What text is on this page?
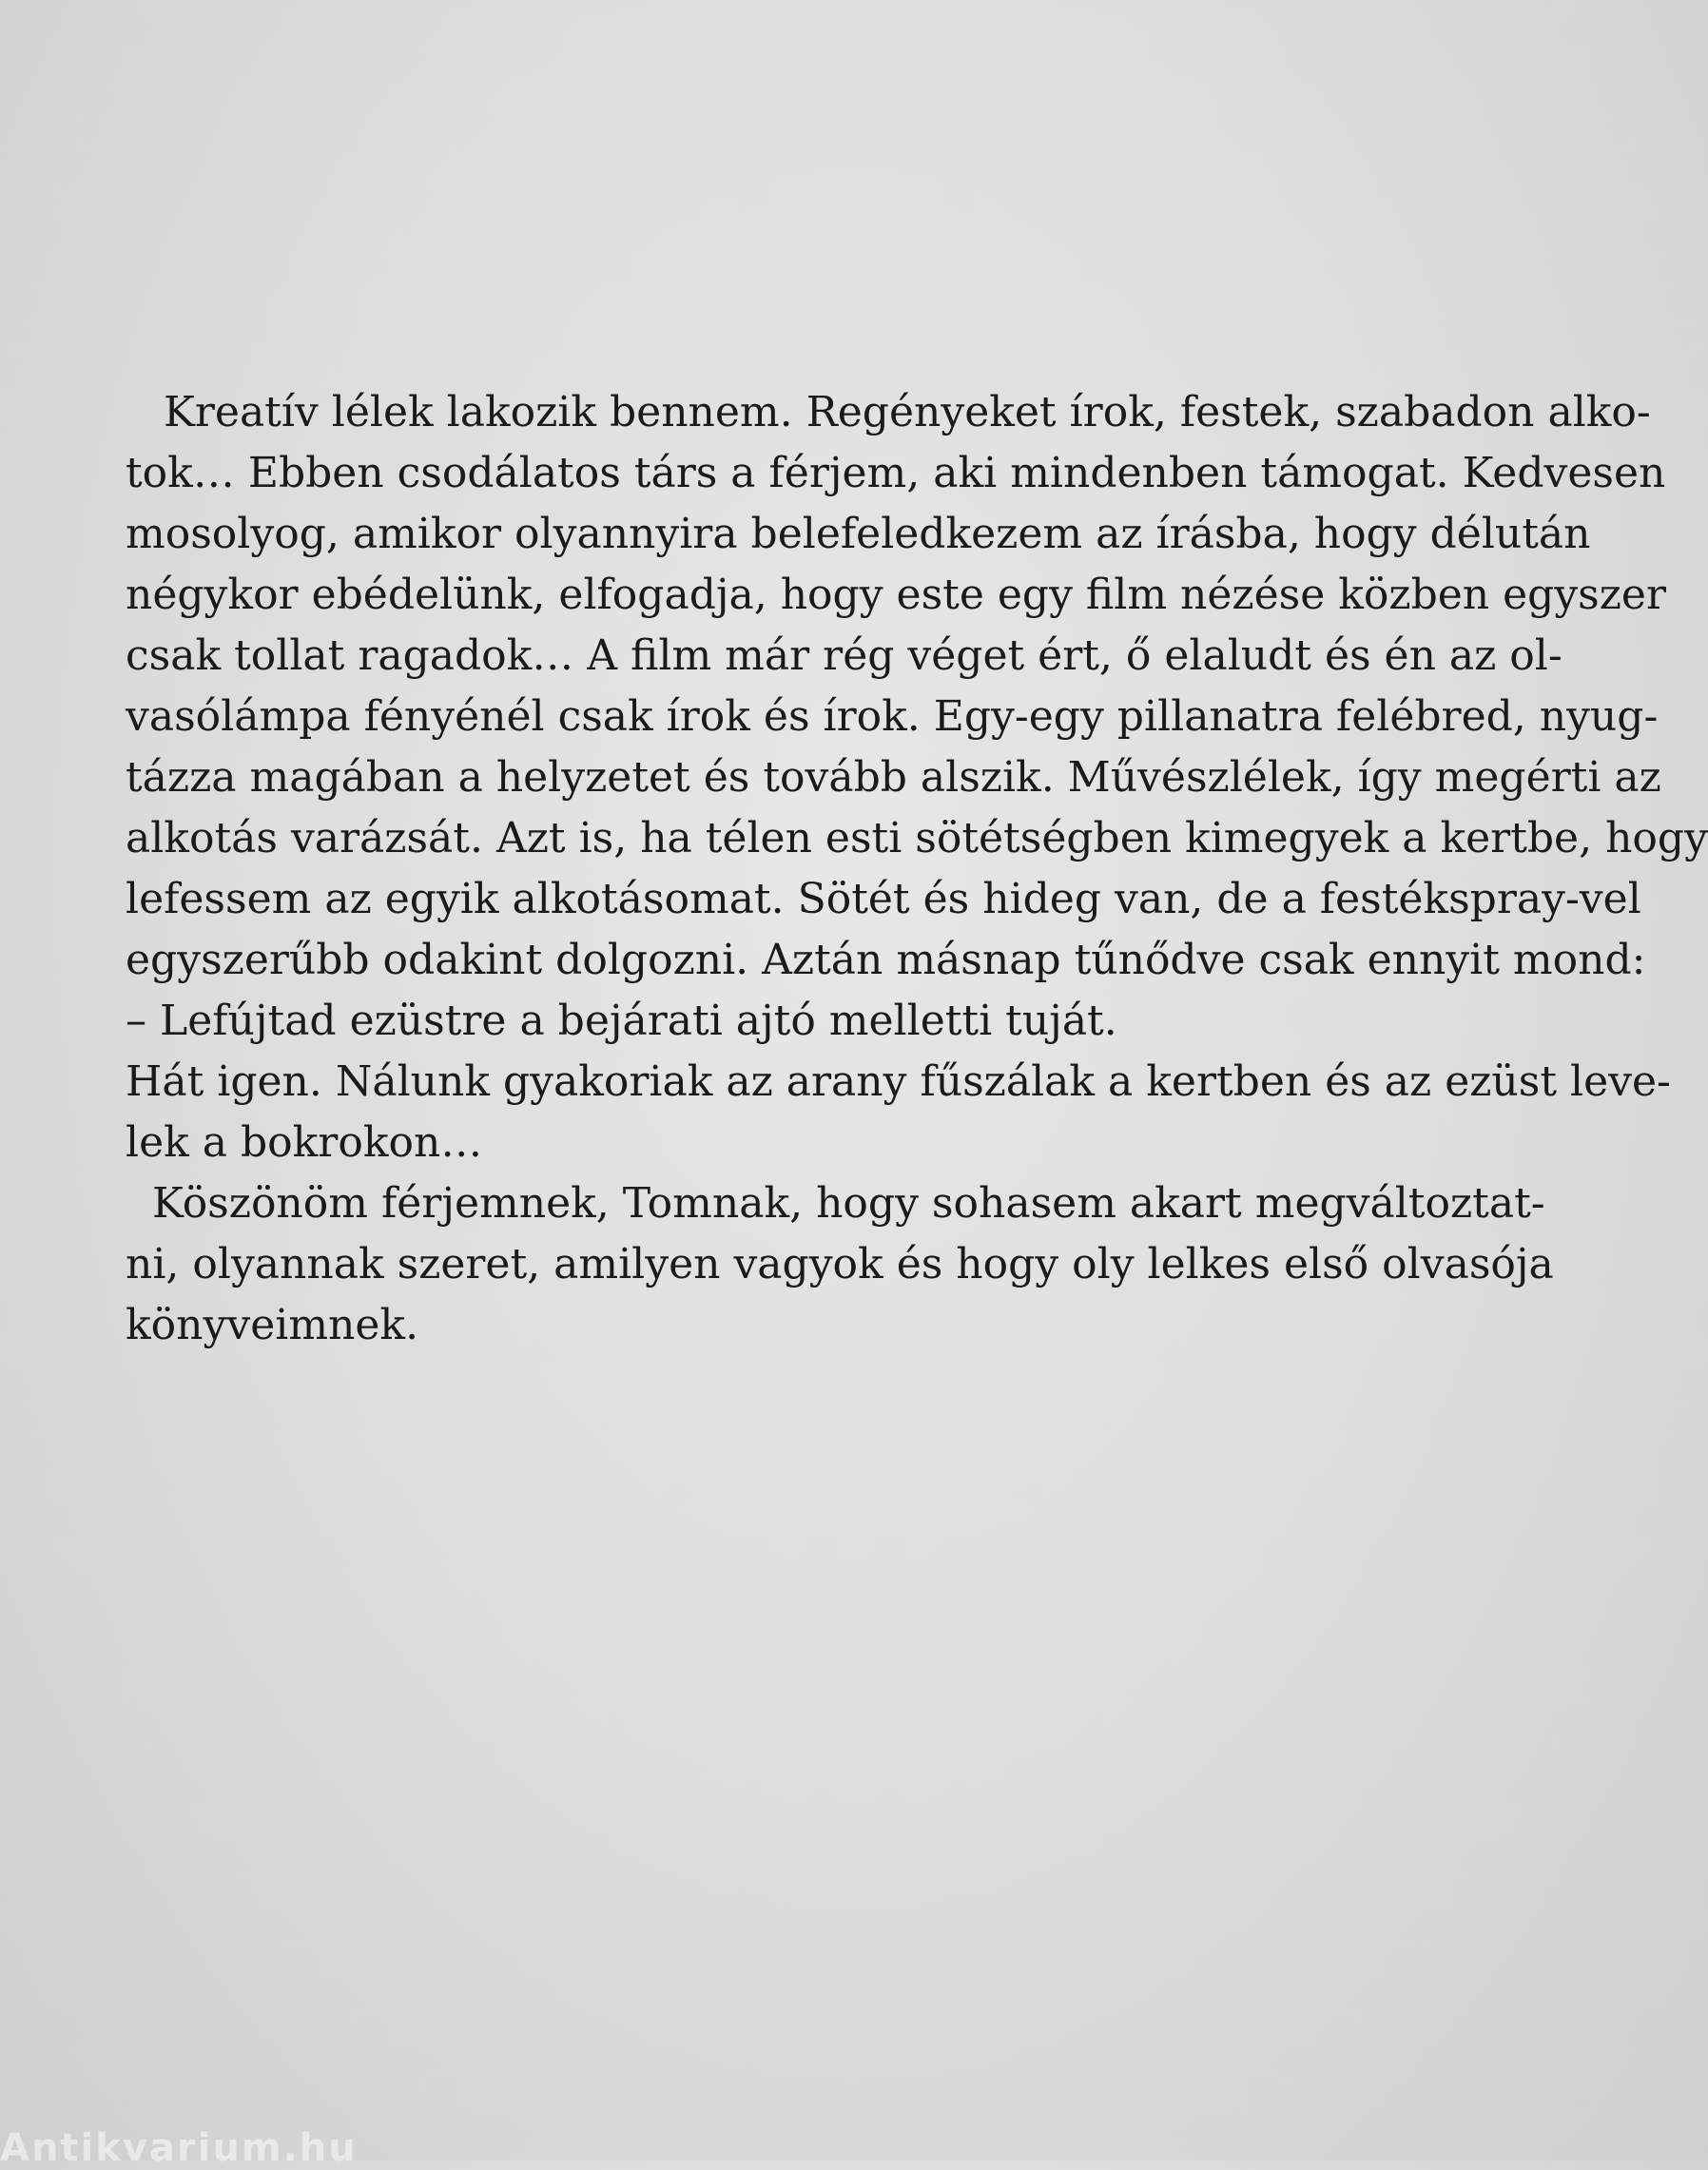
Kreatív lélek lakozik bennem. Regényeket írok, festek, szabadon alko-
tok… Ebben csodálatos társ a férjem, aki mindenben támogat. Kedvesen
mosolyog, amikor olyannyira belefeledkezem az írásba, hogy délután
négykor ebédelünk, elfogadja, hogy este egy film nézése közben egyszer
csak tollat ragadok… A film már rég véget ért, ő elaludt és én az ol-
vasólámpa fényénél csak írok és írok. Egy-egy pillanatra felébred, nyug-
tázza magában a helyzetet és tovább alszik. Művészlélek, így megérti az
alkotás varázsát. Azt is, ha télen esti sötétségben kimegyek a kertbe, hogy
lefessem az egyik alkotásomat. Sötét és hideg van, de a festékspray-vel
egyszerűbb odakint dolgozni. Aztán másnap tűnődve csak ennyit mond:
– Lefújtad ezüstre a bejárati ajtó melletti tuját.
Hát igen. Nálunk gyakoriak az arany fűszálak a kertben és az ezüst leve-
lek a bokrokon…
Köszönöm férjemnek, Tomnak, hogy sohasem akart megváltoztat-
ni, olyannak szeret, amilyen vagyok és hogy oly lelkes első olvasója
könyveimnek.
Antikvarium.hu
